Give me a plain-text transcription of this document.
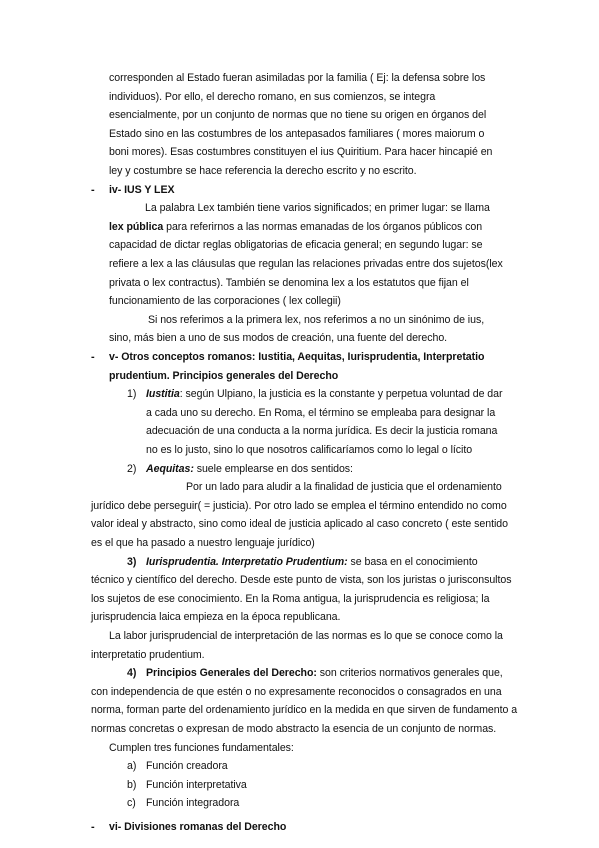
corresponden al Estado fueran asimiladas por la familia ( Ej: la defensa sobre los
individuos). Por ello, el derecho romano, en sus comienzos, se integra
esencialmente, por un conjunto de normas que no tiene su origen en órganos del
Estado sino en las costumbres de los antepasados familiares ( mores maiorum o
boni mores). Esas costumbres constituyen el ius Quiritium. Para hacer hincapié en
ley y costumbre se hace referencia la derecho escrito y no escrito.
- iv- IUS Y LEX
La palabra Lex también tiene varios significados; en primer lugar: se llama
lex pública para referirnos a las normas emanadas de los órganos públicos con
capacidad de dictar reglas obligatorias de eficacia general; en segundo lugar: se
refiere a lex a las cláusulas que regulan las relaciones privadas entre dos sujetos(lex
privata o lex contractus). También se denomina lex a los estatutos que fijan el
funcionamiento de las corporaciones ( lex collegii)
Si nos referimos a la primera lex, nos referimos a no un sinónimo de ius,
sino, más bien a uno de sus modos de creación, una fuente del derecho.
- v- Otros conceptos romanos: Iustitia, Aequitas, Iurisprudentia, Interpretatio
prudentium. Principios generales del Derecho
1) Iustitia: según Ulpiano, la justicia es la constante y perpetua voluntad de dar
a cada uno su derecho. En Roma, el término se empleaba para designar la
adecuación de una conducta a la norma jurídica. Es decir la justicia romana
no es lo justo, sino lo que nosotros calificaríamos como lo legal o lícito
2) Aequitas: suele emplearse en dos sentidos:
Por un lado para aludir a la finalidad de justicia que el ordenamiento
jurídico debe perseguir( = justicia). Por otro lado se emplea el término entendido no como
valor ideal y abstracto, sino como ideal de justicia aplicado al caso concreto ( este sentido
es el que ha pasado a nuestro lenguaje jurídico)
3) Iurisprudentia. Interpretatio Prudentium: se basa en el conocimiento
técnico y científico del derecho. Desde este punto de vista, son los juristas o jurisconsultos
los sujetos de ese conocimiento. En la Roma antigua, la jurisprudencia es religiosa; la
jurisprudencia laica empieza en la época republicana.
La labor jurisprudencial de interpretación de las normas es lo que se conoce como la
interpretatio prudentium.
4) Principios Generales del Derecho: son criterios normativos generales que,
con independencia de que estén o no expresamente reconocidos o consagrados en una
norma, forman parte del ordenamiento jurídico en la medida en que sirven de fundamento a
normas concretas o expresan de modo abstracto la esencia de un conjunto de normas.
Cumplen tres funciones fundamentales:
a) Función creadora
b) Función interpretativa
c) Función integradora
- vi- Divisiones romanas del Derecho
